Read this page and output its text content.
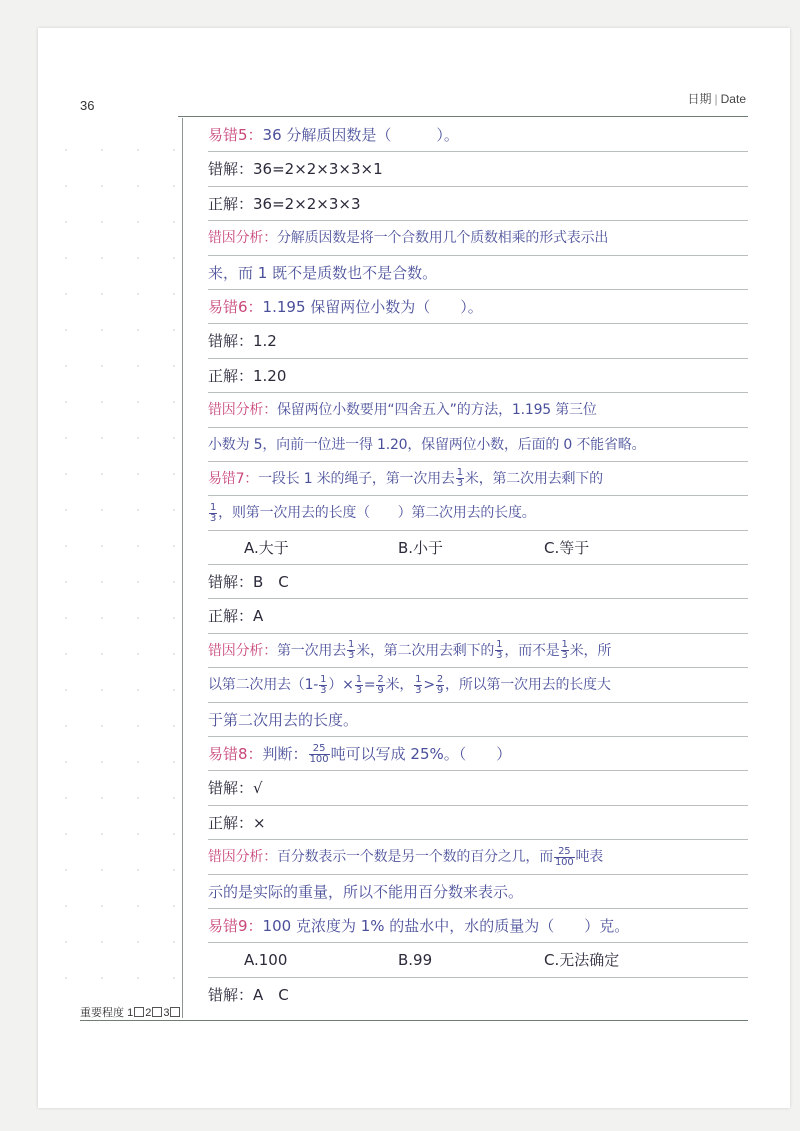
36	日期 | Date
易错5：36 分解质因数是（　　　）。
错解：36=2×2×3×3×1
正解：36=2×2×3×3
错因分析：分解质因数是将一个合数用几个质数相乘的形式表示出
来，而 1 既不是质数也不是合数。
易错6：1.195 保留两位小数为（　　）。
错解：1.2
正解：1.20
错因分析：保留两位小数要用“四舍五入”的方法，1.195 第三位
小数为 5，向前一位进一得 1.20，保留两位小数，后面的 0 不能省略。
易错7：一段长 1 米的绳子，第一次用去 $\frac{1}{3}$ 米，第二次用去剩下的
$\frac{1}{3}$ ，则第一次用去的长度（　　）第二次用去的长度。
A.大于	B.小于	C.等于
错解：B　C
正解：A
错因分析：第一次用去 $\frac{1}{3}$ 米，第二次用去剩下的 $\frac{1}{3}$ ，而不是 $\frac{1}{3}$ 米，所
以第二次用去（$1- \frac{1}{3}$ ）× $\frac{1}{3} = \frac{2}{9}$ 米， $\frac{1}{3} > \frac{2}{9}$ ，所以第一次用去的长度大
于第二次用去的长度。
易错8：判断： $\frac{25}{100}$ 吨可以写成 25%。（　　）
错解：√
正解：×
错因分析：百分数表示一个数是另一个数的百分之几，而 $\frac{25}{100}$ 吨表
示的是实际的重量，所以不能用百分数来表示。
易错9：100 克浓度为 1% 的盐水中，水的质量为（　　）克。
A.100	B.99	C.无法确定
错解：A　C
重要程度 1 2 3
